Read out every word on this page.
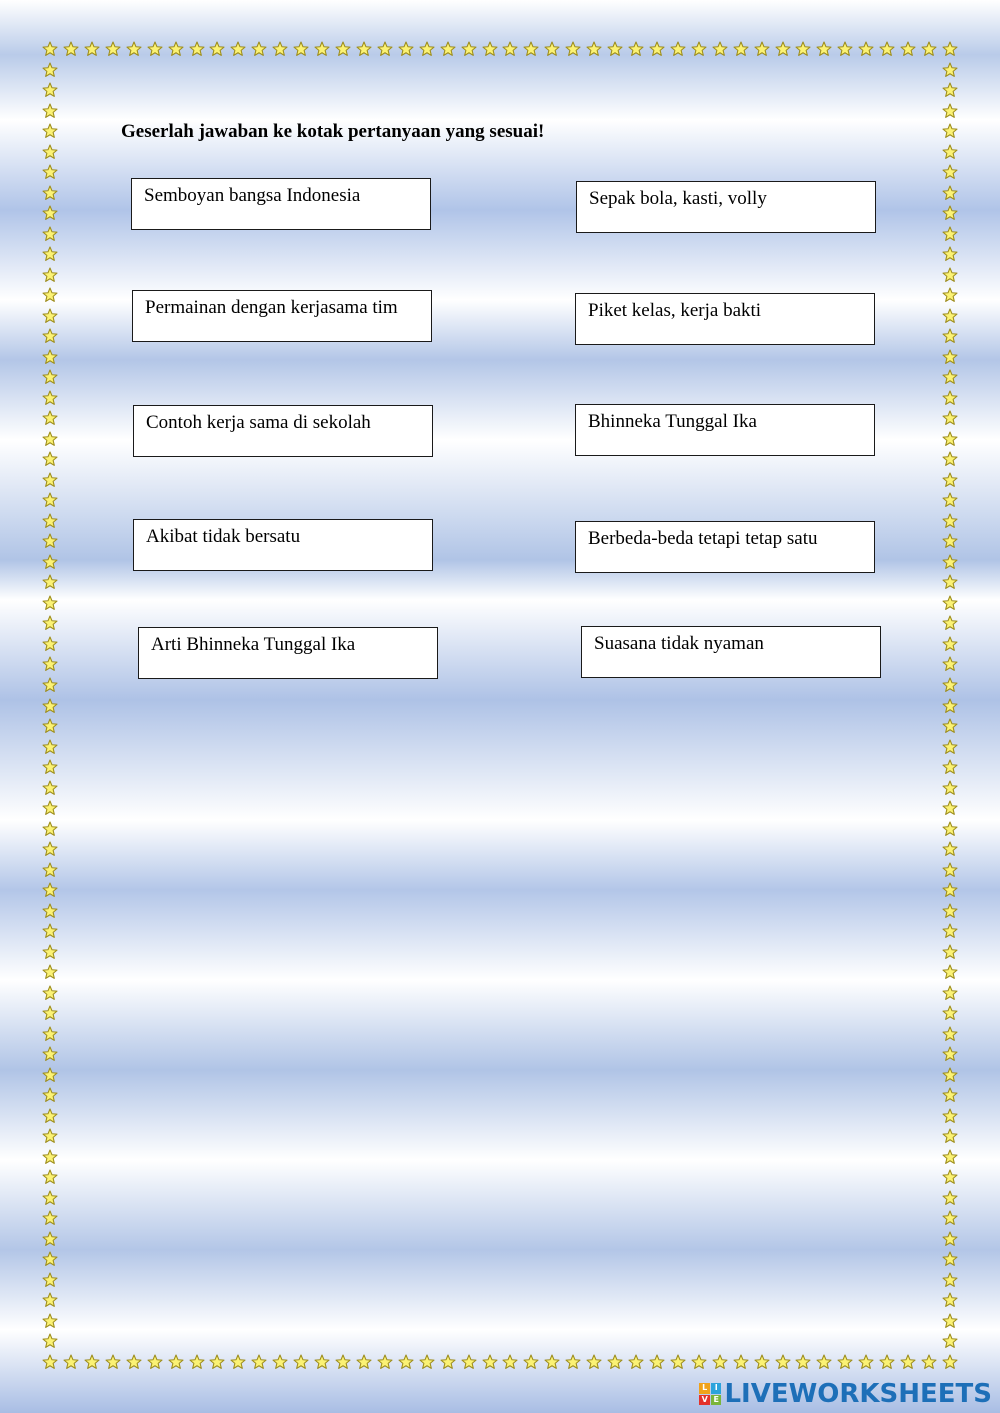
Geserlah jawaban ke kotak pertanyaan yang sesuai!
Semboyan bangsa Indonesia
Permainan dengan kerjasama tim
Contoh kerja sama di sekolah
Akibat tidak bersatu
Arti Bhinneka Tunggal Ika
Sepak bola, kasti, volly
Piket kelas, kerja bakti
Bhinneka Tunggal Ika
Berbeda-beda tetapi tetap satu
Suasana tidak nyaman
L I
V E LIVEWORKSHEETS
